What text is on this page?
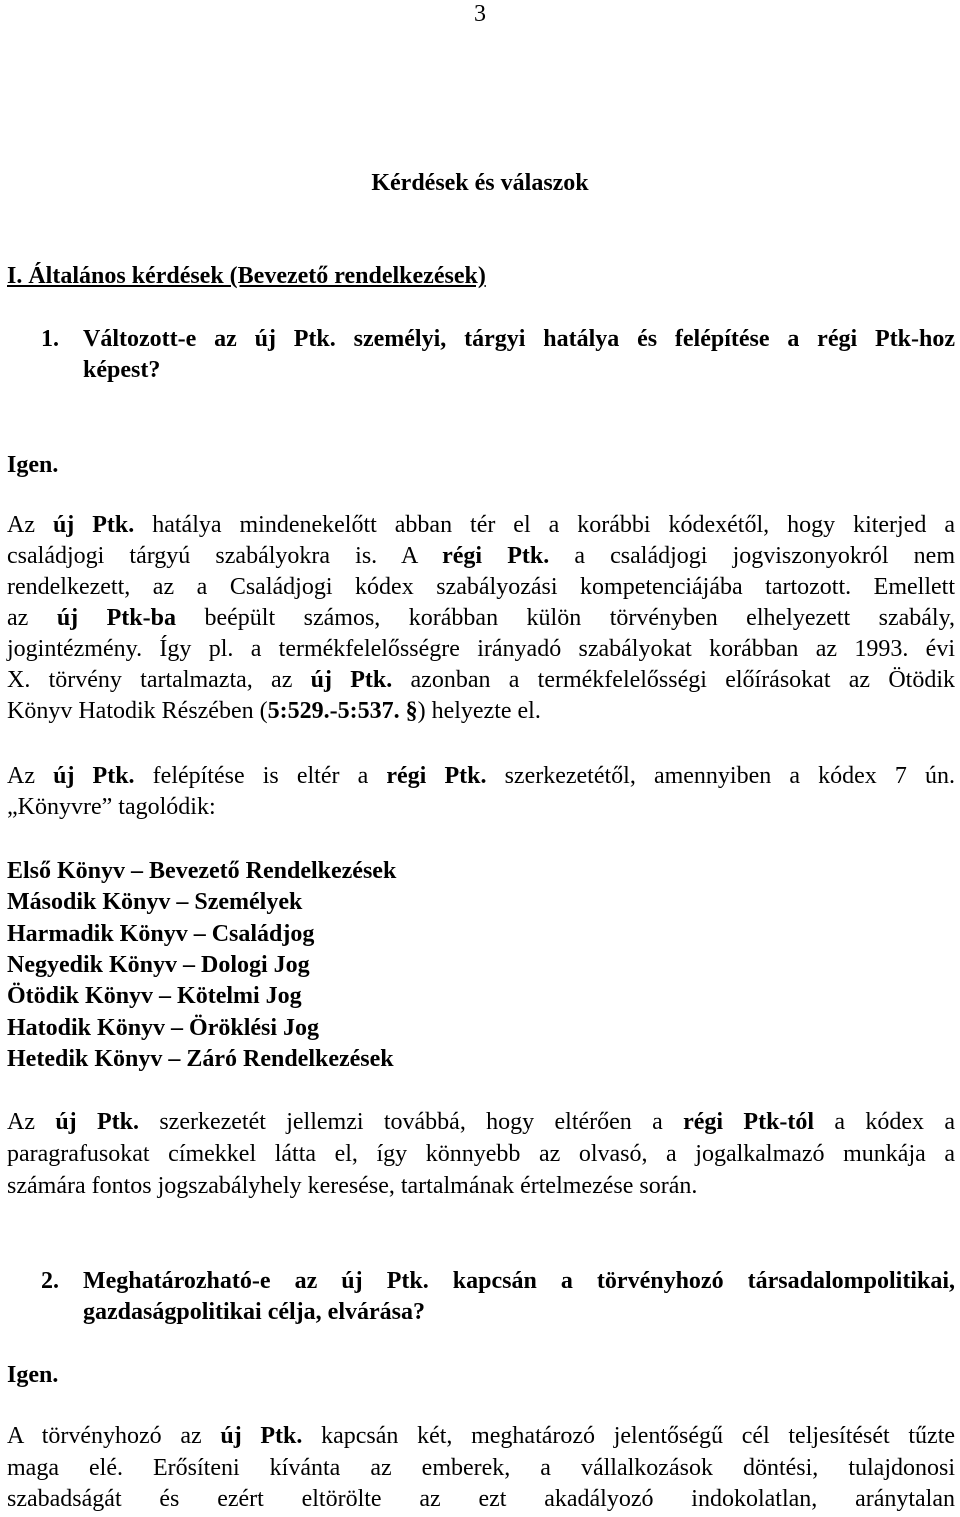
3
Kérdések és válaszok
I. Általános kérdések (Bevezető rendelkezések)
1. Változott-e az új Ptk. személyi, tárgyi hatálya és felépítése a régi Ptk-hoz
képest?
Igen.
Az új Ptk. hatálya mindenekelőtt abban tér el a korábbi kódexétől, hogy kiterjed a
családjogi tárgyú szabályokra is. A régi Ptk. a családjogi jogviszonyokról nem
rendelkezett, az a Családjogi kódex szabályozási kompetenciájába tartozott. Emellett
az új Ptk-ba beépült számos, korábban külön törvényben elhelyezett szabály,
jogintézmény. Így pl. a termékfelelősségre irányadó szabályokat korábban az 1993. évi
X. törvény tartalmazta, az új Ptk. azonban a termékfelelősségi előírásokat az Ötödik
Könyv Hatodik Részében (5:529.-5:537. §) helyezte el.
Az új Ptk. felépítése is eltér a régi Ptk. szerkezetétől, amennyiben a kódex 7 ún.
„Könyvre” tagolódik:
Első Könyv – Bevezető Rendelkezések
Második Könyv – Személyek
Harmadik Könyv – Családjog
Negyedik Könyv – Dologi Jog
Ötödik Könyv – Kötelmi Jog
Hatodik Könyv – Öröklési Jog
Hetedik Könyv – Záró Rendelkezések
Az új Ptk. szerkezetét jellemzi továbbá, hogy eltérően a régi Ptk-tól a kódex a
paragrafusokat címekkel látta el, így könnyebb az olvasó, a jogalkalmazó munkája a
számára fontos jogszabályhely keresése, tartalmának értelmezése során.
2. Meghatározható-e az új Ptk. kapcsán a törvényhozó társadalompolitikai,
gazdaságpolitikai célja, elvárása?
Igen.
A törvényhozó az új Ptk. kapcsán két, meghatározó jelentőségű cél teljesítését tűzte
maga elé. Erősíteni kívánta az emberek, a vállalkozások döntési, tulajdonosi
szabadságát és ezért eltörölte az ezt akadályozó indokolatlan, aránytalan
